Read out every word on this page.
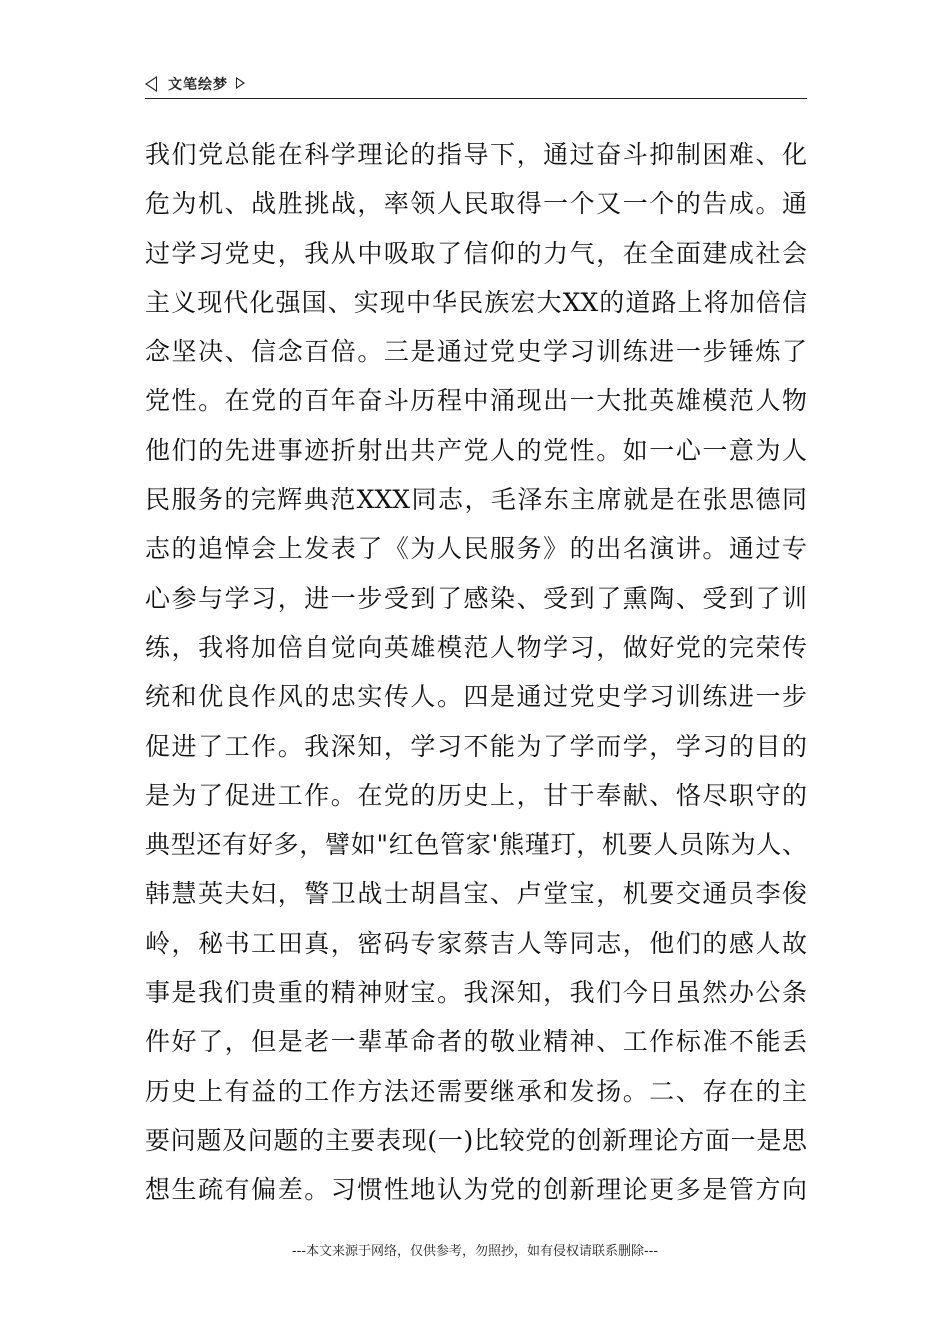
文笔绘梦
我们党总能在科学理论的指导下，通过奋斗抑制困难、化
危为机、战胜挑战，率领人民取得一个又一个的告成。通
过学习党史，我从中吸取了信仰的力气，在全面建成社会
主义现代化强国、实现中华民族宏大XX的道路上将加倍信
念坚决、信念百倍。三是通过党史学习训练进一步锤炼了
党性。在党的百年奋斗历程中涌现出一大批英雄模范人物
他们的先进事迹折射出共产党人的党性。如一心一意为人
民服务的完辉典范XXX同志，毛泽东主席就是在张思德同
志的追悼会上发表了《为人民服务》的出名演讲。通过专
心参与学习，进一步受到了感染、受到了熏陶、受到了训
练，我将加倍自觉向英雄模范人物学习，做好党的完荣传
统和优良作风的忠实传人。四是通过党史学习训练进一步
促进了工作。我深知，学习不能为了学而学，学习的目的
是为了促进工作。在党的历史上，甘于奉献、恪尽职守的
典型还有好多，譬如"红色管家'熊瑾玎，机要人员陈为人、
韩慧英夫妇，警卫战士胡昌宝、卢堂宝，机要交通员李俊
岭，秘书工田真，密码专家蔡吉人等同志，他们的感人故
事是我们贵重的精神财宝。我深知，我们今日虽然办公条
件好了，但是老一辈革命者的敬业精神、工作标准不能丢
历史上有益的工作方法还需要继承和发扬。二、存在的主
要问题及问题的主要表现(一)比较党的创新理论方面一是思
想生疏有偏差。习惯性地认为党的创新理论更多是管方向
---本文来源于网络，仅供参考，勿照抄，如有侵权请联系删除---
